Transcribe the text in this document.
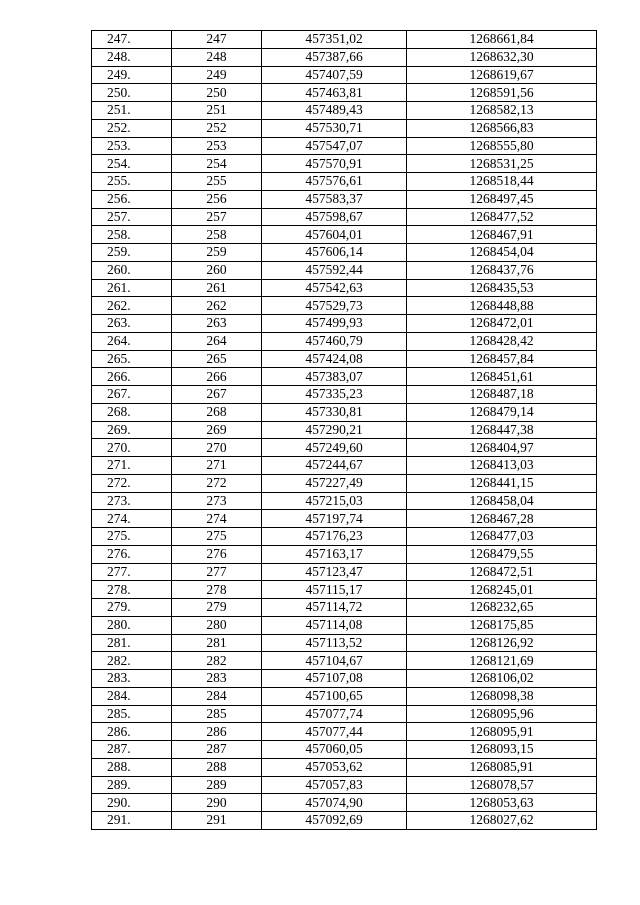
247.	247	457351,02	1268661,84
248.	248	457387,66	1268632,30
249.	249	457407,59	1268619,67
250.	250	457463,81	1268591,56
251.	251	457489,43	1268582,13
252.	252	457530,71	1268566,83
253.	253	457547,07	1268555,80
254.	254	457570,91	1268531,25
255.	255	457576,61	1268518,44
256.	256	457583,37	1268497,45
257.	257	457598,67	1268477,52
258.	258	457604,01	1268467,91
259.	259	457606,14	1268454,04
260.	260	457592,44	1268437,76
261.	261	457542,63	1268435,53
262.	262	457529,73	1268448,88
263.	263	457499,93	1268472,01
264.	264	457460,79	1268428,42
265.	265	457424,08	1268457,84
266.	266	457383,07	1268451,61
267.	267	457335,23	1268487,18
268.	268	457330,81	1268479,14
269.	269	457290,21	1268447,38
270.	270	457249,60	1268404,97
271.	271	457244,67	1268413,03
272.	272	457227,49	1268441,15
273.	273	457215,03	1268458,04
274.	274	457197,74	1268467,28
275.	275	457176,23	1268477,03
276.	276	457163,17	1268479,55
277.	277	457123,47	1268472,51
278.	278	457115,17	1268245,01
279.	279	457114,72	1268232,65
280.	280	457114,08	1268175,85
281.	281	457113,52	1268126,92
282.	282	457104,67	1268121,69
283.	283	457107,08	1268106,02
284.	284	457100,65	1268098,38
285.	285	457077,74	1268095,96
286.	286	457077,44	1268095,91
287.	287	457060,05	1268093,15
288.	288	457053,62	1268085,91
289.	289	457057,83	1268078,57
290.	290	457074,90	1268053,63
291.	291	457092,69	1268027,62
